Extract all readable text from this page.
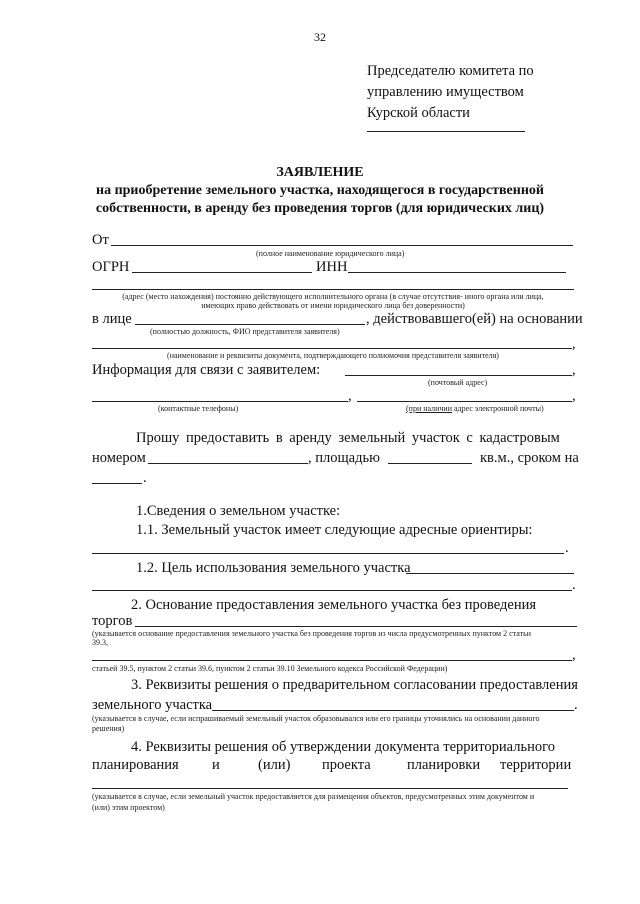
32
Председателю комитета по
управлению имуществом
Курской области
ЗАЯВЛЕНИЕ
на приобретение земельного участка, находящегося в государственной
собственности, в аренду без проведения торгов (для юридических лиц)
От
(полное наименование юридического лица)
ОГРН	ИНН
(адрес (место нахождения) постоянно действующего исполнительного органа (в случае отсутствия- иного органа или лица,
имеющих право действовать от имени юридического лица без доверенности)
в лице	, действовавшего(ей) на основании
(полностью должность, ФИО представителя заявителя)
,
(наименование и реквизиты документа, подтверждающего полномочия представителя заявителя)
Информация для связи с заявителем:	,
(почтовый адрес)
,	,
(контактные телефоны)	(при наличии адрес электронной почты)
Прошу предоставить в аренду земельный участок с кадастровым
номером	, площадью	кв.м., сроком на
.
1.Сведения о земельном участке:
1.1. Земельный участок имеет следующие адресные ориентиры:
.
1.2. Цель использования земельного участка
.
2. Основание предоставления земельного участка без проведения
торгов
(указывается основание предоставления земельного участка без проведения торгов из числа предусмотренных пунктом 2 статьи
39.3,
,
статьей 39.5, пунктом 2 статьи 39.6, пунктом 2 статьи 39.10 Земельного кодекса Российской Федерации)
3. Реквизиты решения о предварительном согласовании предоставления
земельного участка	.
(указывается в случае, если испрашиваемый земельный участок образовывался или его границы уточнялись на основании данного
решения)
4. Реквизиты решения об утверждении документа территориального
планирования и	(или) проекта	планировки территории
(указывается в случае, если земельный участок предоставляется для размещения объектов, предусмотренных этим документом и
(или) этим проектом)
